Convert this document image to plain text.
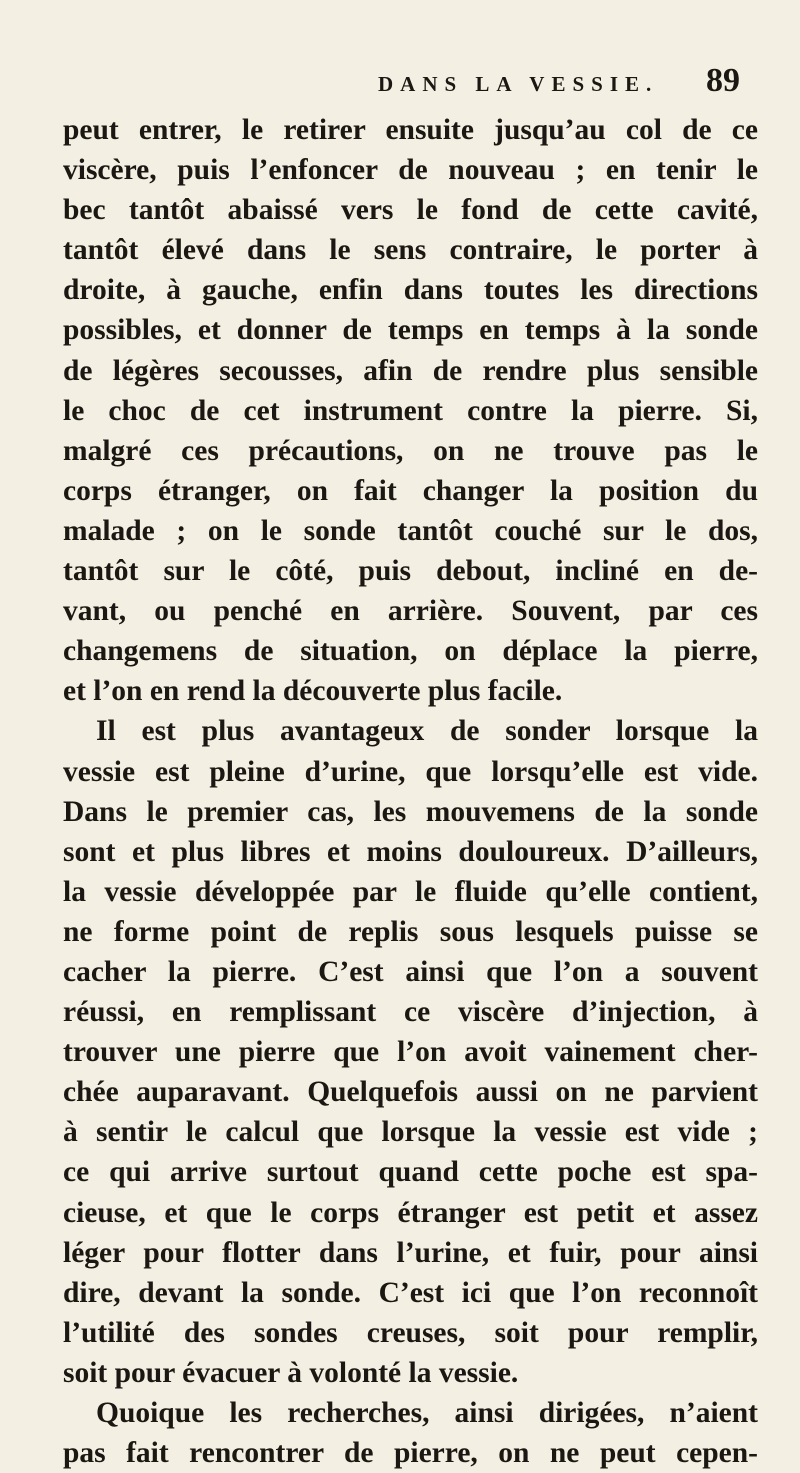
DANS LA VESSIE. 89
peut entrer, le retirer ensuite jusqu’au col de ce
viscère, puis l’enfoncer de nouveau ; en tenir le
bec tantôt abaissé vers le fond de cette cavité,
tantôt élevé dans le sens contraire, le porter à
droite, à gauche, enfin dans toutes les directions
possibles, et donner de temps en temps à la sonde
de légères secousses, afin de rendre plus sensible
le choc de cet instrument contre la pierre. Si,
malgré ces précautions, on ne trouve pas le
corps étranger, on fait changer la position du
malade ; on le sonde tantôt couché sur le dos,
tantôt sur le côté, puis debout, incliné en de-
vant, ou penché en arrière. Souvent, par ces
changemens de situation, on déplace la pierre,
et l’on en rend la découverte plus facile.
Il est plus avantageux de sonder lorsque la
vessie est pleine d’urine, que lorsqu’elle est vide.
Dans le premier cas, les mouvemens de la sonde
sont et plus libres et moins douloureux. D’ailleurs,
la vessie développée par le fluide qu’elle contient,
ne forme point de replis sous lesquels puisse se
cacher la pierre. C’est ainsi que l’on a souvent
réussi, en remplissant ce viscère d’injection, à
trouver une pierre que l’on avoit vainement cher-
chée auparavant. Quelquefois aussi on ne parvient
à sentir le calcul que lorsque la vessie est vide ;
ce qui arrive surtout quand cette poche est spa-
cieuse, et que le corps étranger est petit et assez
léger pour flotter dans l’urine, et fuir, pour ainsi
dire, devant la sonde. C’est ici que l’on reconnoît
l’utilité des sondes creuses, soit pour remplir,
soit pour évacuer à volonté la vessie.
Quoique les recherches, ainsi dirigées, n’aient
pas fait rencontrer de pierre, on ne peut cepen-
